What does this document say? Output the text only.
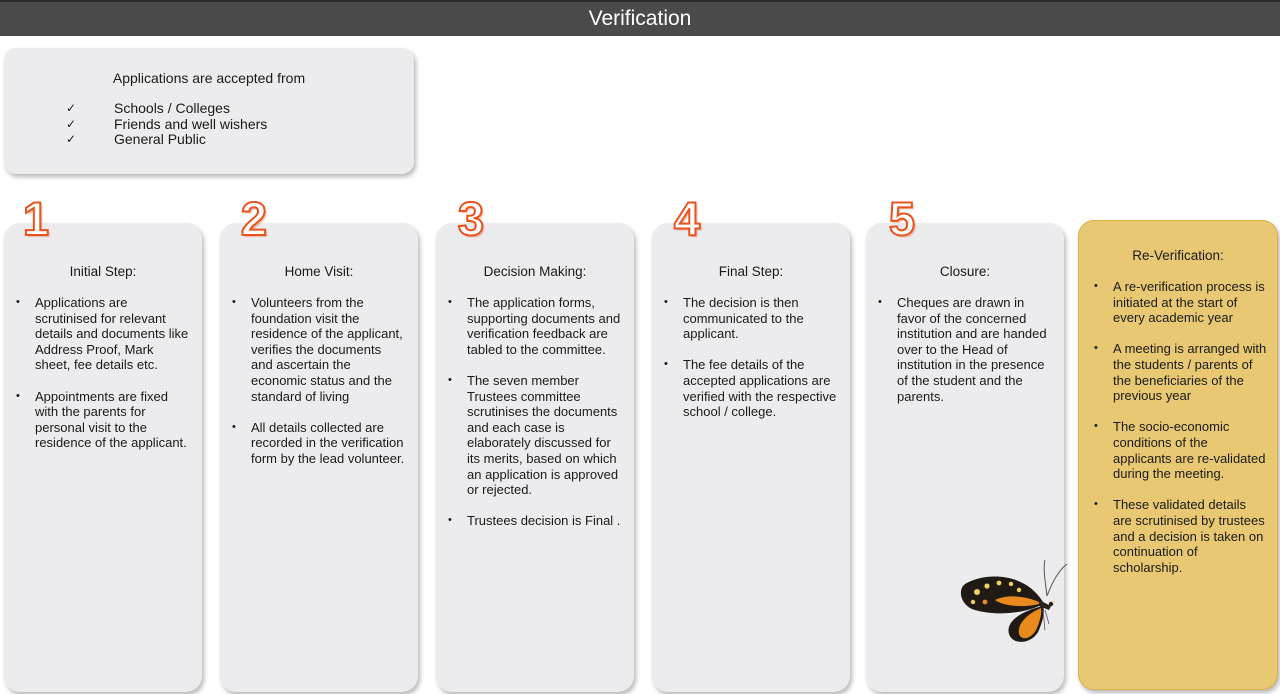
Verification
Applications are accepted from
✓	Schools / Colleges
✓	Friends and well wishers
✓	General Public
Initial Step:
• Applications are scrutinised for relevant details and documents like Address Proof, Mark sheet, fee details etc.
• Appointments are fixed with the parents for personal visit to the residence of the applicant.
1
Home Visit:
• Volunteers from the foundation visit the residence of the applicant, verifies the documents and ascertain the economic status and the standard of living
• All details collected are recorded in the verification form by the lead volunteer.
2
Decision Making:
• The application forms, supporting documents and verification feedback are tabled to the committee.
• The seven member Trustees committee scrutinises the documents and each case is elaborately discussed for its merits, based on which an application is approved or rejected.
• Trustees decision is Final .
3
Final Step:
• The decision is then communicated to the applicant.
• The fee details of the accepted applications are verified with the respective school / college.
4
Closure:
• Cheques are drawn in favor of the concerned institution and are handed over to the Head of institution in the presence of the student and the parents.
5
Re-Verification:
• A re-verification process is initiated at the start of every academic year
• A meeting is arranged with the students / parents of the beneficiaries of the previous year
• The socio-economic conditions of the applicants are re-validated during the meeting.
• These validated details are scrutinised by trustees and a decision is taken on continuation of scholarship.
